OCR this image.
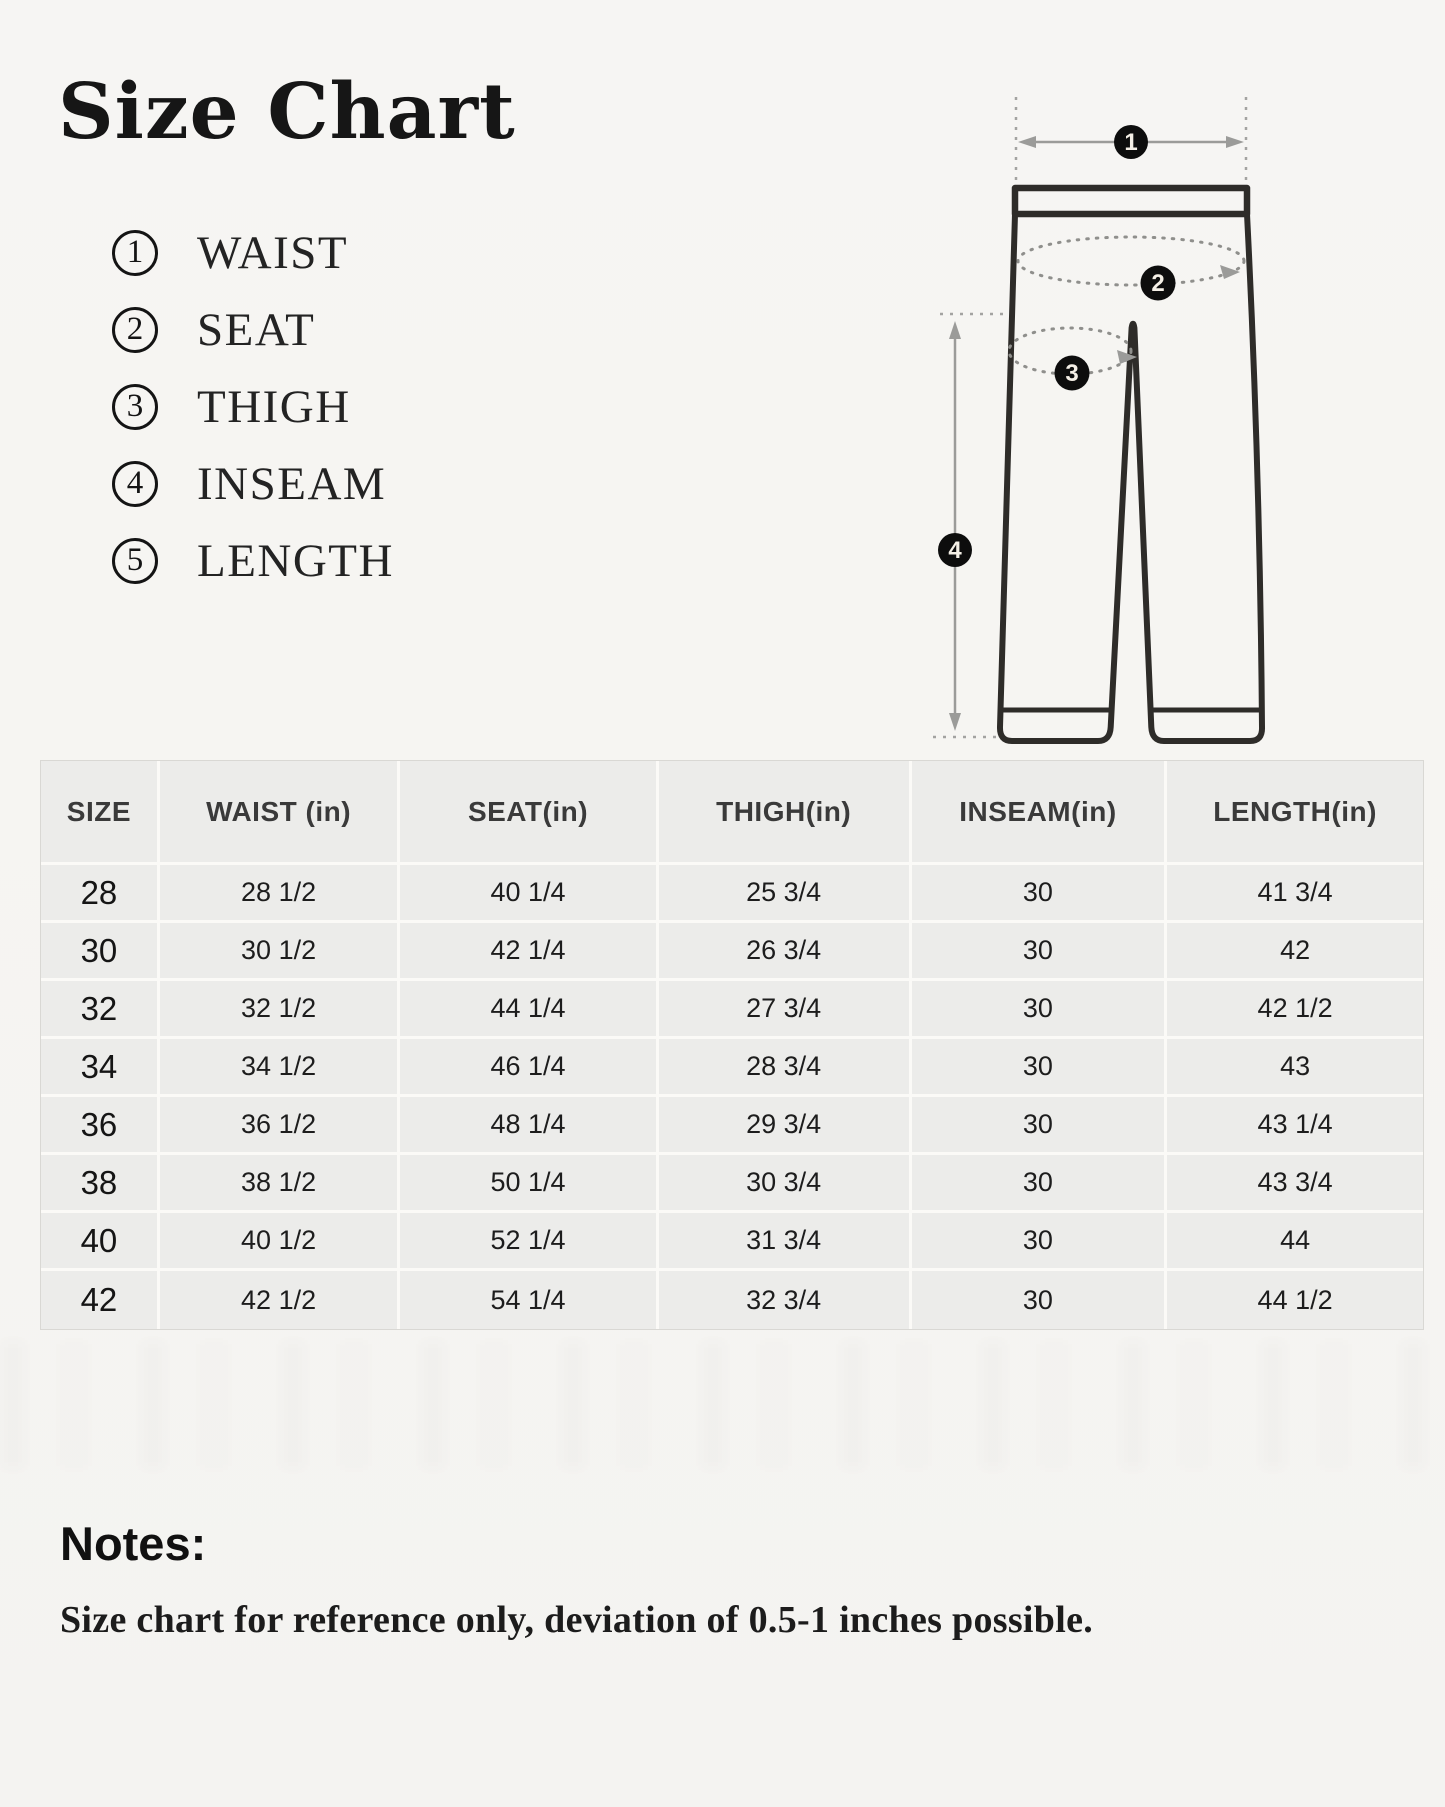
Size Chart
1	WAIST
2	SEAT
3	THIGH
4	INSEAM
5	LENGTH
1
2
3
4
SIZE	WAIST (in)	SEAT(in)	THIGH(in)	INSEAM(in)	LENGTH(in)
28	28 1/2	40 1/4	25 3/4	30	41 3/4
30	30 1/2	42 1/4	26 3/4	30	42
32	32 1/2	44 1/4	27 3/4	30	42 1/2
34	34 1/2	46 1/4	28 3/4	30	43
36	36 1/2	48 1/4	29 3/4	30	43 1/4
38	38 1/2	50 1/4	30 3/4	30	43 3/4
40	40 1/2	52 1/4	31 3/4	30	44
42	42 1/2	54 1/4	32 3/4	30	44 1/2
Notes:
Size chart for reference only, deviation of 0.5-1 inches possible.
